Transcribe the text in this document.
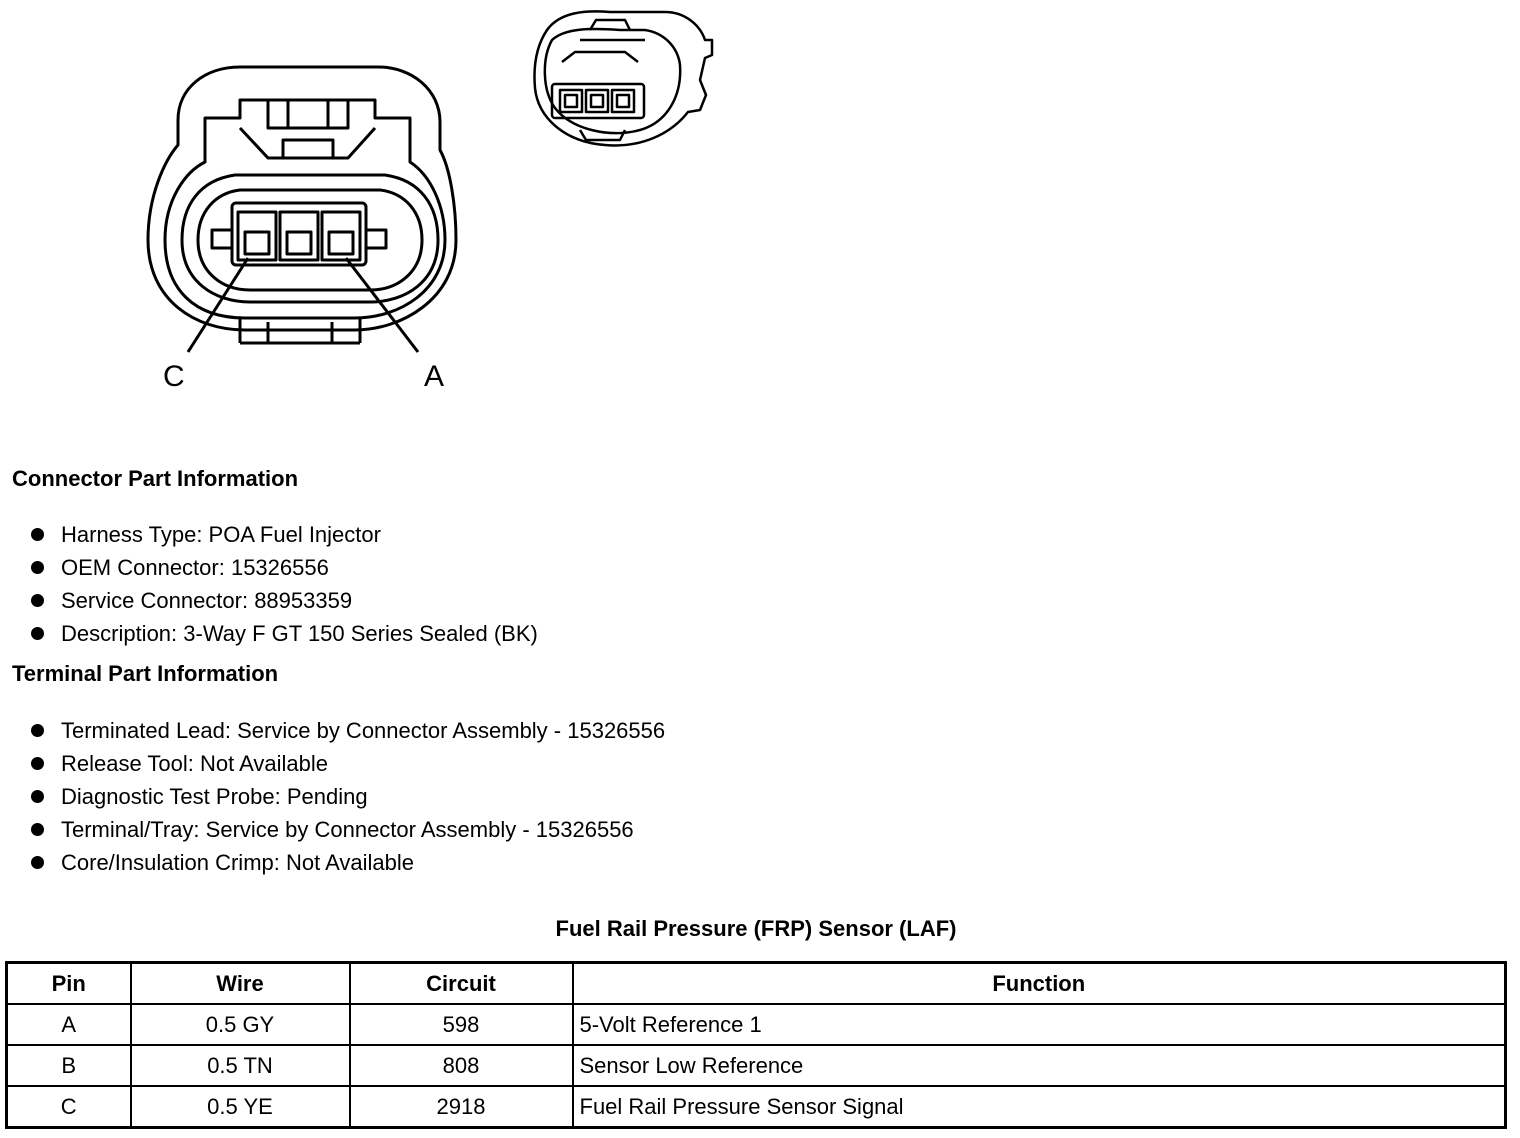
C	A
Connector Part Information
Harness Type: POA Fuel Injector
OEM Connector: 15326556
Service Connector: 88953359
Description: 3-Way F GT 150 Series Sealed (BK)
Terminal Part Information
Terminated Lead: Service by Connector Assembly - 15326556
Release Tool: Not Available
Diagnostic Test Probe: Pending
Terminal/Tray: Service by Connector Assembly - 15326556
Core/Insulation Crimp: Not Available
Fuel Rail Pressure (FRP) Sensor (LAF)
Pin	Wire	Circuit	Function
A	0.5 GY	598	5-Volt Reference 1
B	0.5 TN	808	Sensor Low Reference
C	0.5 YE	2918	Fuel Rail Pressure Sensor Signal
